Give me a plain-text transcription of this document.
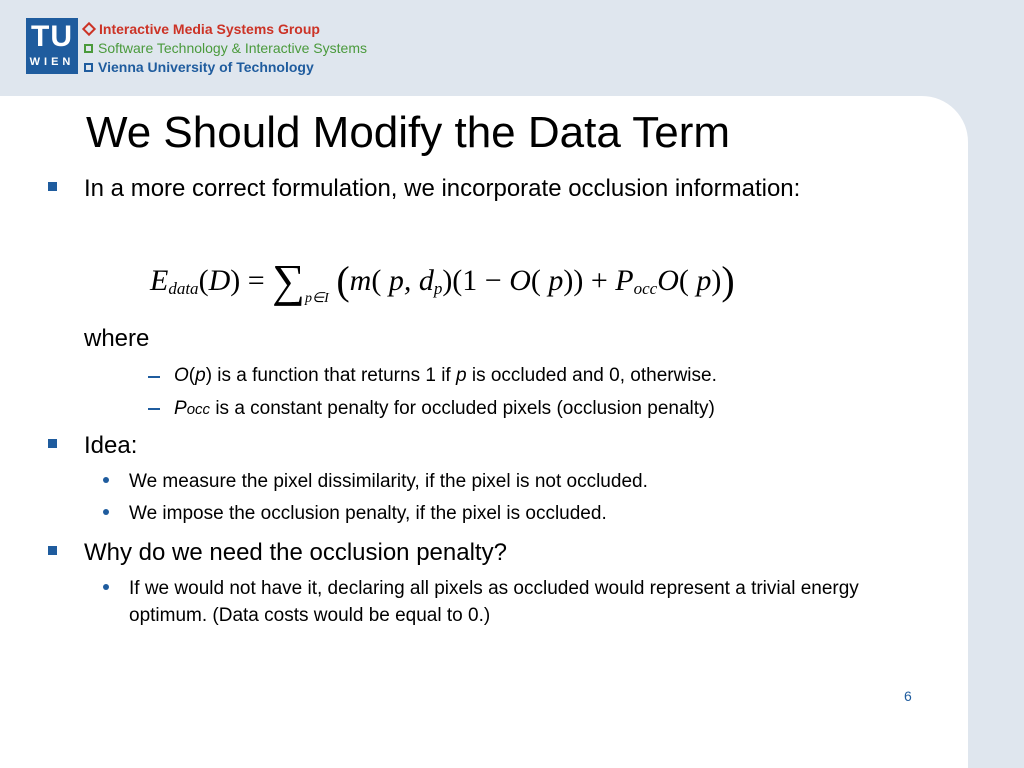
TU
WIEN
Interactive Media Systems Group
Software Technology & Interactive Systems
Vienna University of Technology
We Should Modify the Data Term
In a more correct formulation, we incorporate occlusion information:
$E_{data}(D) = \sum_{p\in I}$ (m( p, $d_p)(1 - O$( $p)) + P_{occ}O$( p))
where
O(p) is a function that returns 1 if p is occluded and 0, otherwise.
Pocc is a constant penalty for occluded pixels (occlusion penalty)
Idea:
We measure the pixel dissimilarity, if the pixel is not occluded.
We impose the occlusion penalty, if the pixel is occluded.
Why do we need the occlusion penalty?
If we would not have it, declaring all pixels as occluded would represent a trivial energy optimum. (Data costs would be equal to 0.)
6
